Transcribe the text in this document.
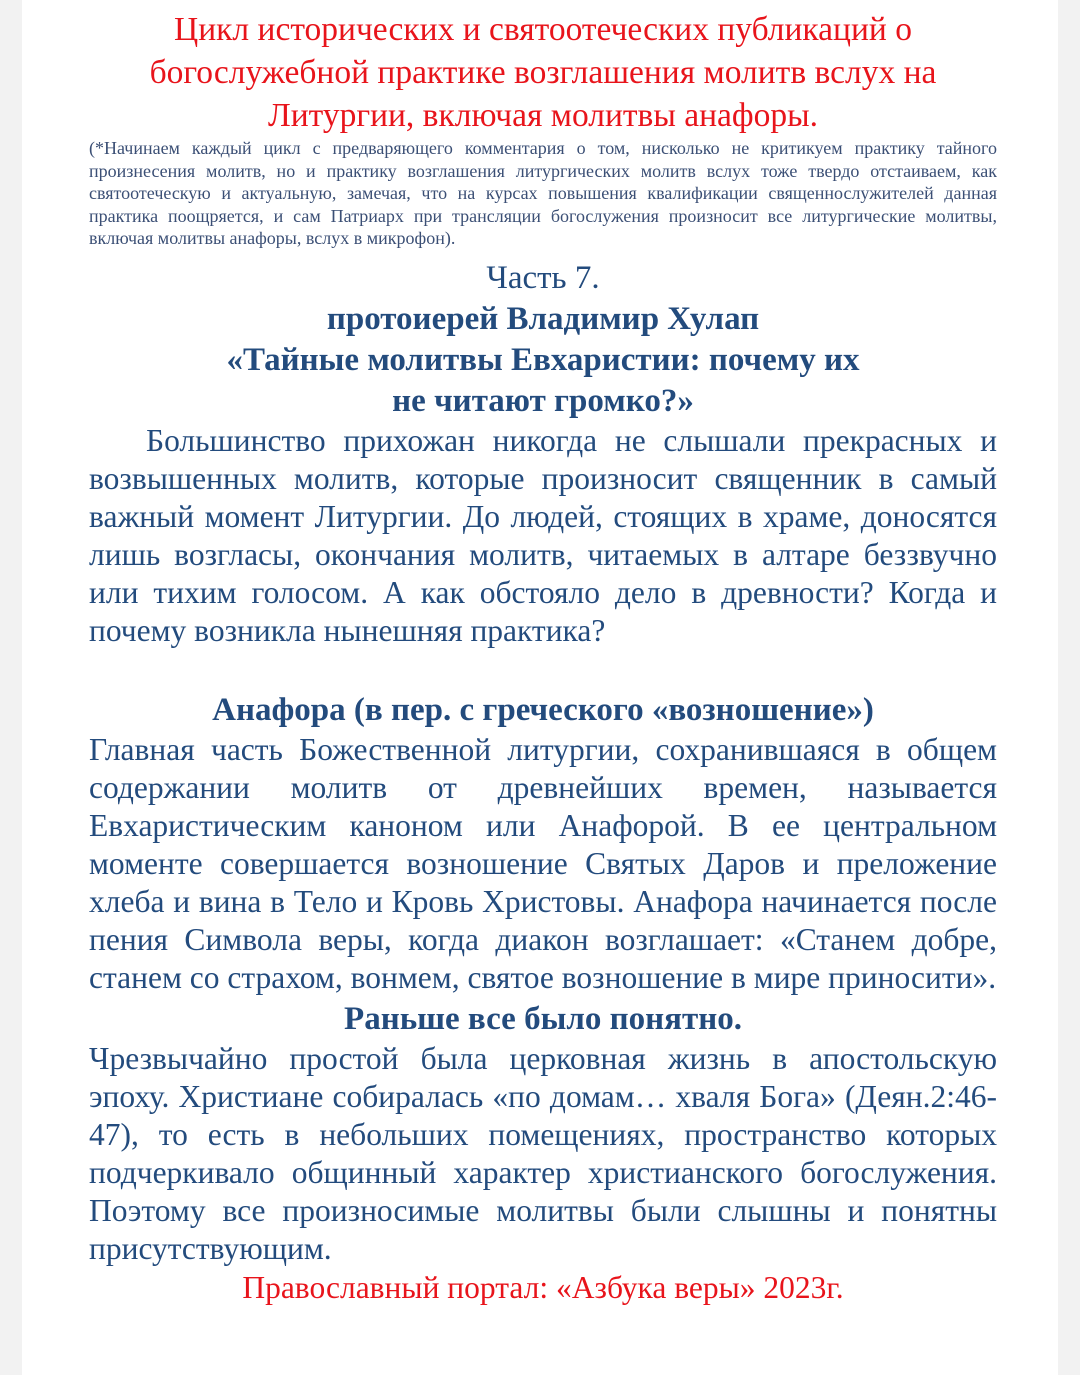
Цикл исторических и святоотеческих публикаций о богослужебной практике возглашения молитв вслух на Литургии, включая молитвы анафоры.

(*Начинаем каждый цикл с предваряющего комментария о том, нисколько не критикуем практику тайного произнесения молитв, но и практику возглашения литургических молитв вслух тоже твердо отстаиваем, как святоотеческую и актуальную, замечая, что на курсах повышения квалификации священнослужителей данная практика поощряется, и сам Патриарх при трансляции богослужения произносит все литургические молитвы, включая молитвы анафоры, вслух в микрофон).

Часть 7.

протоиерей Владимир Хулап

«Тайные молитвы Евхаристии: почему их

не читают громко?»

Большинство прихожан никогда не слышали прекрасных и возвышенных молитв, которые произносит священник в самый важный момент Литургии. До людей, стоящих в храме, доносятся лишь возгласы, окончания молитв, читаемых в алтаре беззвучно или тихим голосом. А как обстояло дело в древности? Когда и почему возникла нынешняя практика?

Анафора (в пер. с греческого «возношение»)

Главная часть Божественной литургии, сохранившаяся в общем содержании молитв от древнейших времен, называется Евхаристическим каноном или Анафорой. В ее центральном моменте совершается возношение Святых Даров и преложение хлеба и вина в Тело и Кровь Христовы. Анафора начинается после пения Символа веры, когда диакон возглашает: «Станем добре, станем со страхом, вонмем, святое возношение в мире приносити».

Раньше все было понятно.

Чрезвычайно простой была церковная жизнь в апостольскую эпоху. Христиане собиралась «по домам… хваля Бога» (Деян.2:46-47), то есть в небольших помещениях, пространство которых подчеркивало общинный характер христианского богослужения. Поэтому все произносимые молитвы были слышны и понятны присутствующим.

Православный портал: «Азбука веры» 2023г.
